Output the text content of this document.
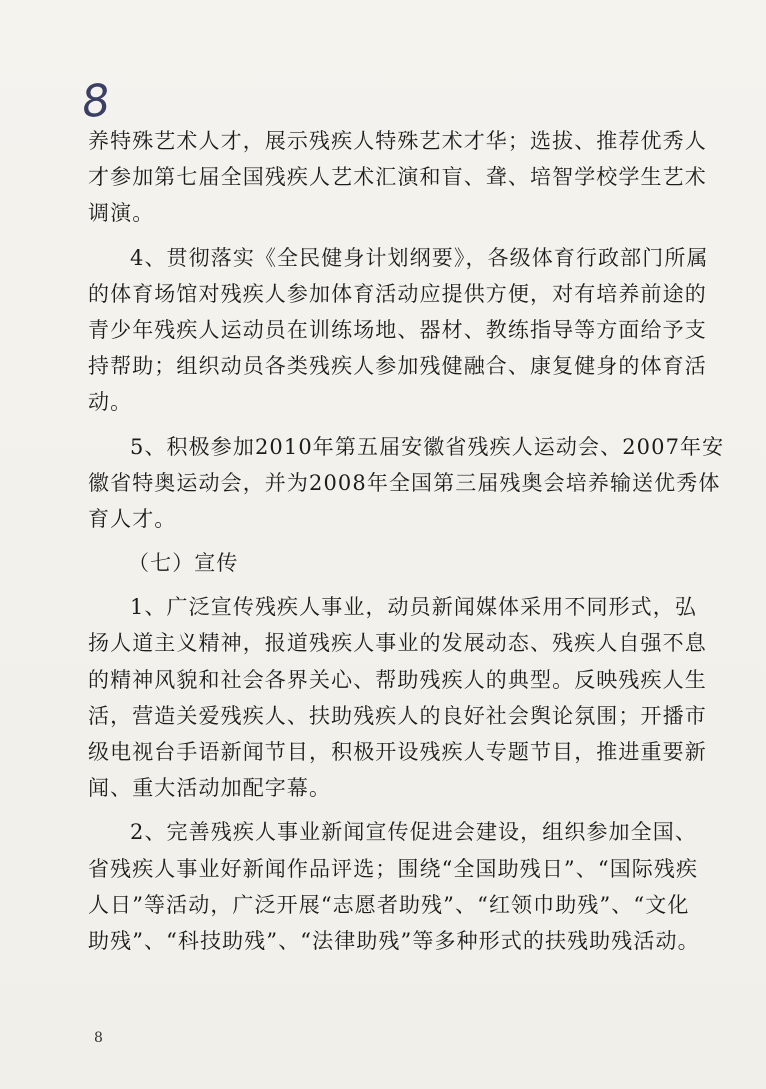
8
养特殊艺术人才，展示残疾人特殊艺术才华；选拔、推荐优秀人
才参加第七届全国残疾人艺术汇演和盲、聋、培智学校学生艺术
调演。
4、贯彻落实《全民健身计划纲要》，各级体育行政部门所属
的体育场馆对残疾人参加体育活动应提供方便，对有培养前途的
青少年残疾人运动员在训练场地、器材、教练指导等方面给予支
持帮助；组织动员各类残疾人参加残健融合、康复健身的体育活
动。
5、积极参加2010年第五届安徽省残疾人运动会、2007年安
徽省特奥运动会，并为2008年全国第三届残奥会培养输送优秀体
育人才。
（七）宣传
1、广泛宣传残疾人事业，动员新闻媒体采用不同形式，弘
扬人道主义精神，报道残疾人事业的发展动态、残疾人自强不息
的精神风貌和社会各界关心、帮助残疾人的典型。反映残疾人生
活，营造关爱残疾人、扶助残疾人的良好社会舆论氛围；开播市
级电视台手语新闻节目，积极开设残疾人专题节目，推进重要新
闻、重大活动加配字幕。
2、完善残疾人事业新闻宣传促进会建设，组织参加全国、
省残疾人事业好新闻作品评选；围绕“全国助残日”、“国际残疾
人日”等活动，广泛开展“志愿者助残”、“红领巾助残”、“文化
助残”、“科技助残”、“法律助残”等多种形式的扶残助残活动。
8
